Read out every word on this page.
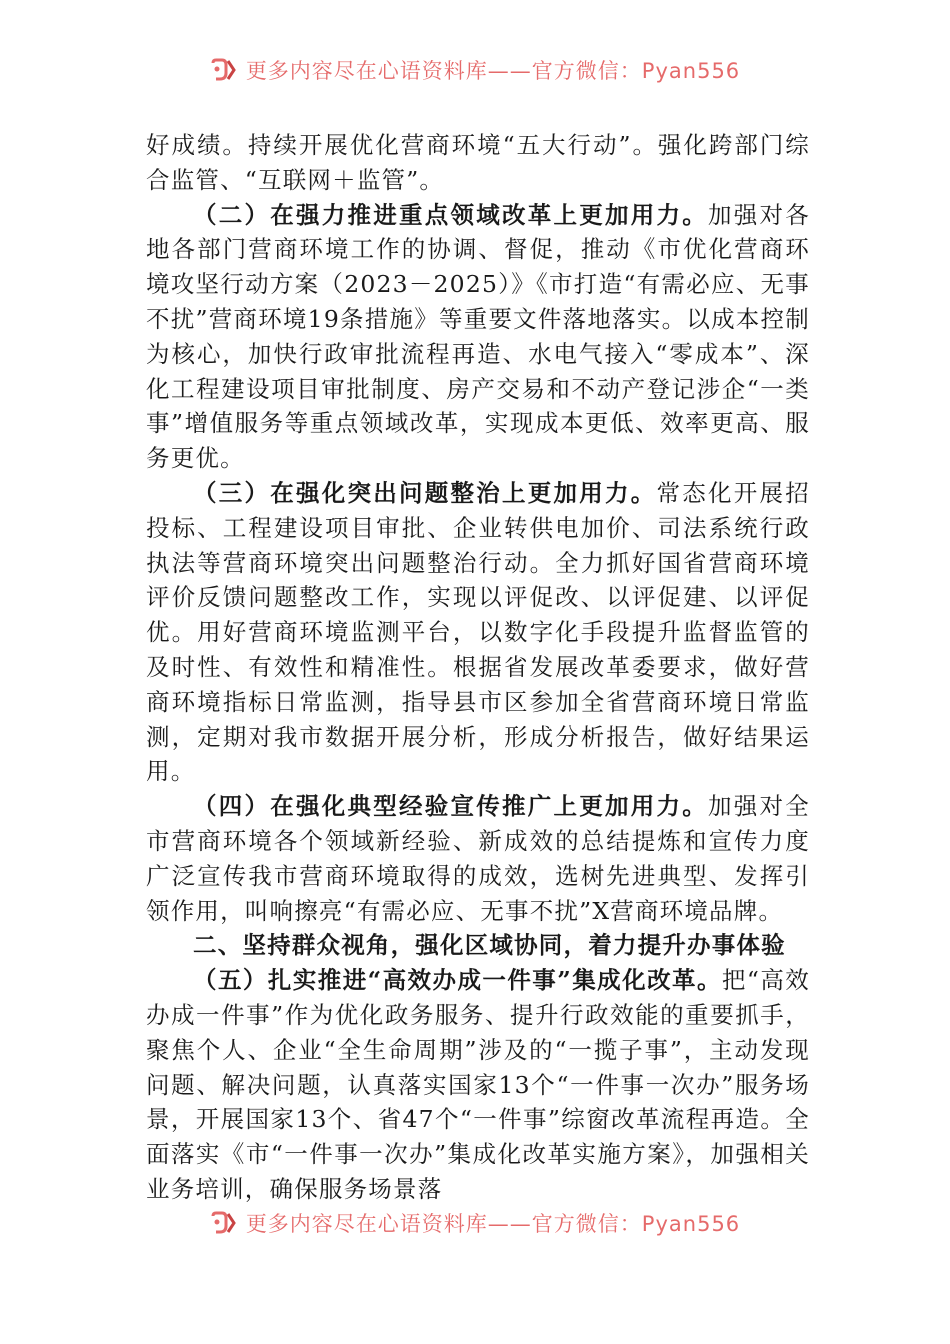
更多内容尽在心语资料库——官方微信：Pyan556

好成绩。持续开展优化营商环境“五大行动”。强化跨部门综合监管、“互联网＋监管”。

（二）在强力推进重点领域改革上更加用力。加强对各地各部门营商环境工作的协调、督促，推动《市优化营商环境攻坚行动方案（2023－2025）》《市打造“有需必应、无事不扰”营商环境19条措施》等重要文件落地落实。以成本控制为核心，加快行政审批流程再造、水电气接入“零成本”、深化工程建设项目审批制度、房产交易和不动产登记涉企“一类事”增值服务等重点领域改革，实现成本更低、效率更高、服务更优。

（三）在强化突出问题整治上更加用力。常态化开展招投标、工程建设项目审批、企业转供电加价、司法系统行政执法等营商环境突出问题整治行动。全力抓好国省营商环境评价反馈问题整改工作，实现以评促改、以评促建、以评促优。用好营商环境监测平台，以数字化手段提升监督监管的及时性、有效性和精准性。根据省发展改革委要求，做好营商环境指标日常监测，指导县市区参加全省营商环境日常监测，定期对我市数据开展分析，形成分析报告，做好结果运用。

（四）在强化典型经验宣传推广上更加用力。加强对全市营商环境各个领域新经验、新成效的总结提炼和宣传力度广泛宣传我市营商环境取得的成效，选树先进典型、发挥引领作用，叫响擦亮“有需必应、无事不扰”X营商环境品牌。

二、坚持群众视角，强化区域协同，着力提升办事体验

（五）扎实推进“高效办成一件事”集成化改革。把“高效办成一件事”作为优化政务服务、提升行政效能的重要抓手，聚焦个人、企业“全生命周期”涉及的“一揽子事”，主动发现问题、解决问题，认真落实国家13个“一件事一次办”服务场景，开展国家13个、省47个“一件事”综窗改革流程再造。全面落实《市“一件事一次办”集成化改革实施方案》，加强相关业务培训，确保服务场景落

更多内容尽在心语资料库——官方微信：Pyan556
